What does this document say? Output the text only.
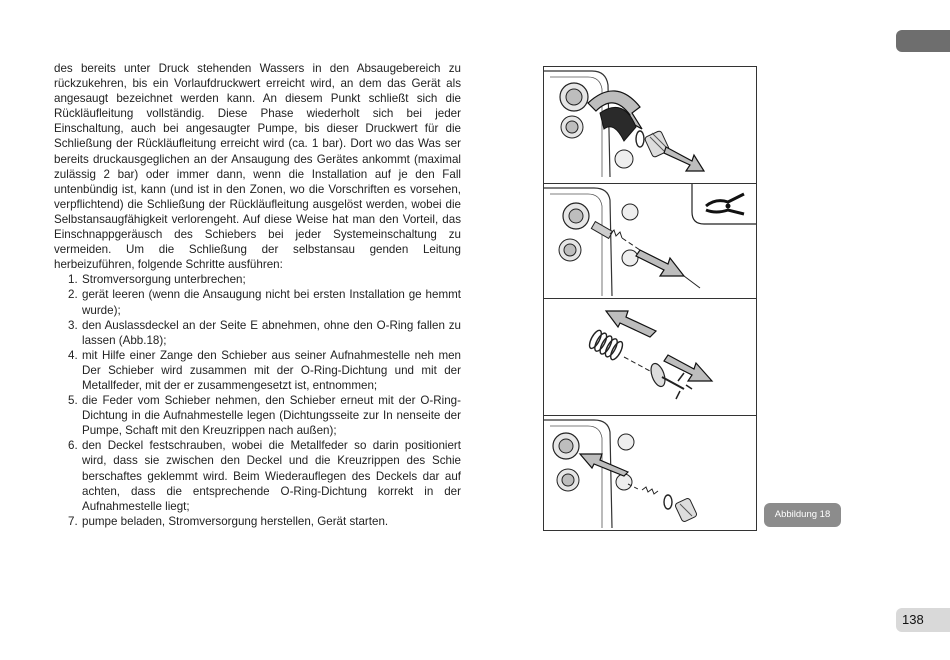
des bereits unter Druck stehenden Wassers in den Absaugebereich zu rückzukehren, bis ein Vorlaufdruckwert erreicht wird, an dem das Gerät als angesaugt bezeichnet werden kann. An diesem Punkt schließt sich die Rückläufleitung vollständig. Diese Phase wiederholt sich bei jeder Einschaltung, auch bei angesaugter Pumpe, bis dieser Druckwert für die Schließung der Rückläufleitung erreicht wird (ca. 1 bar). Dort wo das Was ser bereits druckausgeglichen an der Ansaugung des Gerätes ankommt (maximal zulässig 2 bar) oder immer dann, wenn die Installation auf je den Fall untenbündig ist, kann (und ist in den Zonen, wo die Vorschriften es vorsehen, verpflichtend) die Schließung der Rückläufleitung ausgelöst werden, wobei die Selbstansaugfähigkeit verlorengeht. Auf diese Weise hat man den Vorteil, das Einschnappgeräusch des Schiebers bei jeder Systemeinschaltung zu vermeiden. Um die Schließung der selbstansau genden Leitung herbeizuführen, folgende Schritte ausführen:

1. Stromversorgung unterbrechen;
2. gerät leeren (wenn die Ansaugung nicht bei ersten Installation ge hemmt wurde);
3. den Auslassdeckel an der Seite E abnehmen, ohne den O-Ring fallen zu lassen (Abb.18);
4. mit Hilfe einer Zange den Schieber aus seiner Aufnahmestelle neh men Der Schieber wird zusammen mit der O-Ring-Dichtung und mit der Metallfeder, mit der er zusammengesetzt ist, entnommen;
5. die Feder vom Schieber nehmen, den Schieber erneut mit der O-Ring-Dichtung in die Aufnahmestelle legen (Dichtungsseite zur In nenseite der Pumpe, Schaft mit den Kreuzrippen nach außen);
6. den Deckel festschrauben, wobei die Metallfeder so darin positioniert wird, dass sie zwischen den Deckel und die Kreuzrippen des Schie berschaftes geklemmt wird. Beim Wiederauflegen des Deckels dar auf achten, dass die entsprechende O-Ring-Dichtung korrekt in der Aufnahmestelle liegt;
7. pumpe beladen, Stromversorgung herstellen, Gerät starten.
Abbildung 18
138
